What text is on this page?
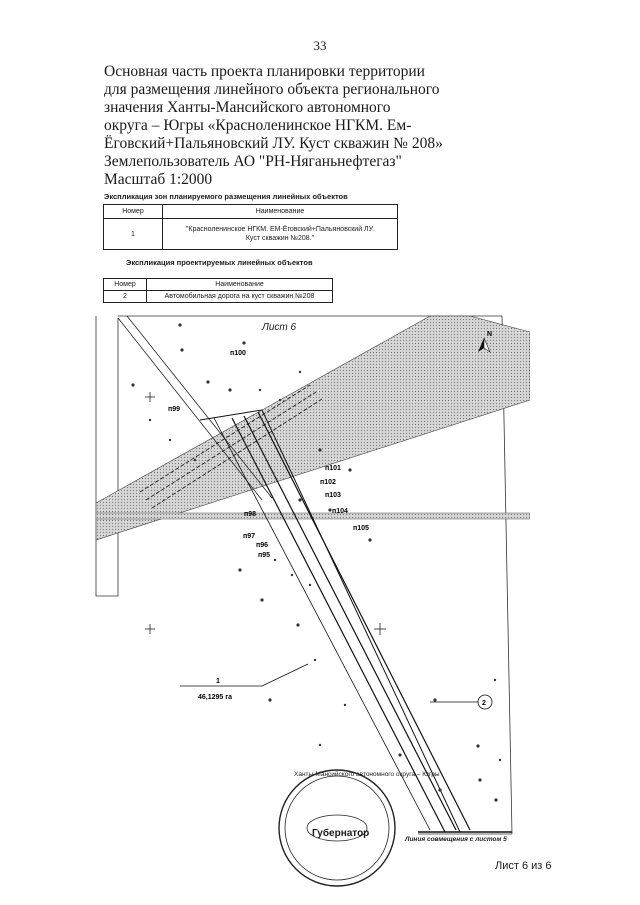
33
Основная часть проекта планировки территории
для размещения линейного объекта регионального
значения Ханты-Мансийского автономного
округа – Югры «Красноленинское НГКМ. Ем-
Ёговский+Пальяновский ЛУ. Куст скважин № 208»
Землепользователь АО "РН-Няганьнефтегаз"
Масштаб 1:2000
Экспликация зон планируемого размещения линейных объектов
Номер	Наименование
1	"Красноленинское НГКМ. ЕМ-Ёговский+Пальяновский ЛУ.
Куст скважин №208."
Экспликация проектируемых линейных объектов
Номер	Наименование
2	Автомобильная дорога на куст скважин №208
N
п100
п99
п101
п102
п103
п104
п105
п98
п97
п96
п95
1
46,1295 га
2
Ханты-Мансийского автономного округа – Югры
Лист 6
Губернатор
Линия совмещения с листом 5
Лист 6 из 6
